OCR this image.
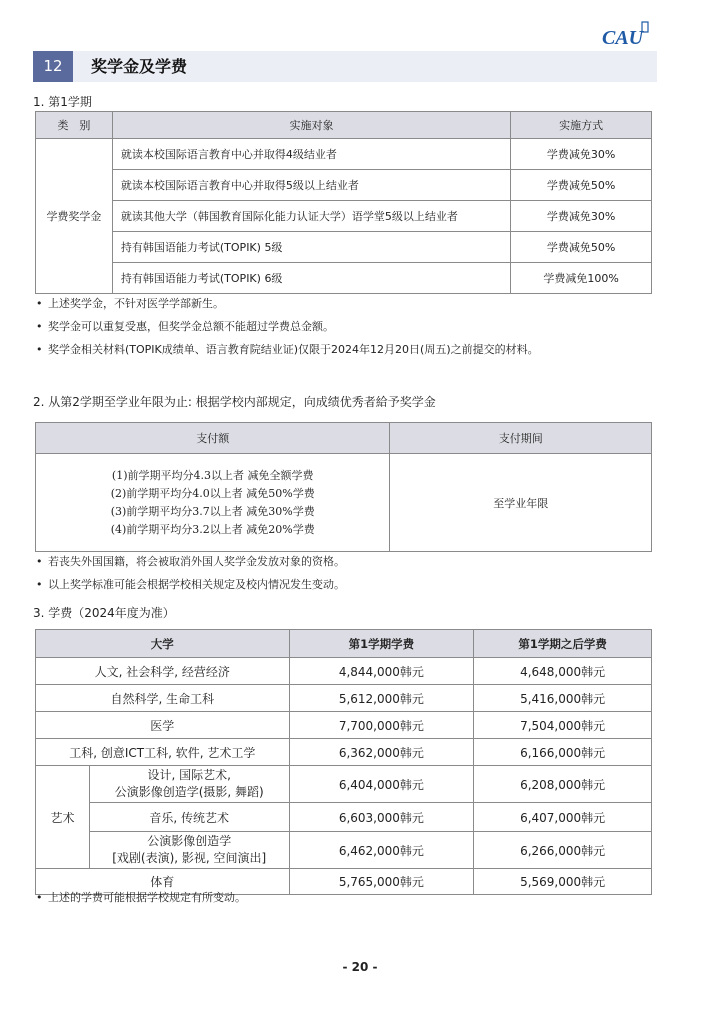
CAU
12	奖学金及学费
1. 第1学期
类　别	实施对象	实施方式
学费奖学金	就读本校国际语言教育中心并取得4级结业者	学费减免30%
	就读本校国际语言教育中心并取得5级以上结业者	学费减免50%
	就读其他大学（韩国教育国际化能力认证大学）语学堂5级以上结业者	学费减免30%
	持有韩国语能力考试(TOPIK) 5级	学费减免50%
	持有韩国语能力考试(TOPIK) 6级	学费减免100%
• 上述奖学金，不针对医学学部新生。
• 奖学金可以重复受惠，但奖学金总额不能超过学费总金额。
• 奖学金相关材料(TOPIK成绩单、语言教育院结业证)仅限于2024年12月20日(周五)之前提交的材料。
2. 从第2学期至学业年限为止: 根据学校内部规定，向成绩优秀者給予奖学金
支付额	支付期间

(1)前学期平均分4.3以上者 减免全额学费
(2)前学期平均分4.0以上者 减免50%学费
(3)前学期平均分3.7以上者 减免30%学费
(4)前学期平均分3.2以上者 减免20%学费	至学业年限
• 若丧失外国国籍，将会被取消外国人奖学金发放对象的资格。
• 以上奖学标准可能会根据学校相关规定及校内情况发生变动。
3. 学费（2024年度为准）
大学		第1学期学费	第1学期之后学费
人文, 社会科学, 经营经济		4,844,000韩元	4,648,000韩元
自然科学, 生命工科		5,612,000韩元	5,416,000韩元
医学		7,700,000韩元	7,504,000韩元
工科, 创意ICT工科, 软件, 艺术工学		6,362,000韩元	6,166,000韩元
艺术	设计, 国际艺术,
公演影像创造学(摄影, 舞蹈)	6,404,000韩元	6,208,000韩元
	音乐, 传统艺术	6,603,000韩元	6,407,000韩元

	公演影像创造学
[戏剧(表演), 影视, 空间演出]	6,462,000韩元	6,266,000韩元
体育		5,765,000韩元	5,569,000韩元
• 上述的学费可能根据学校规定有所变动。
- 20 -
